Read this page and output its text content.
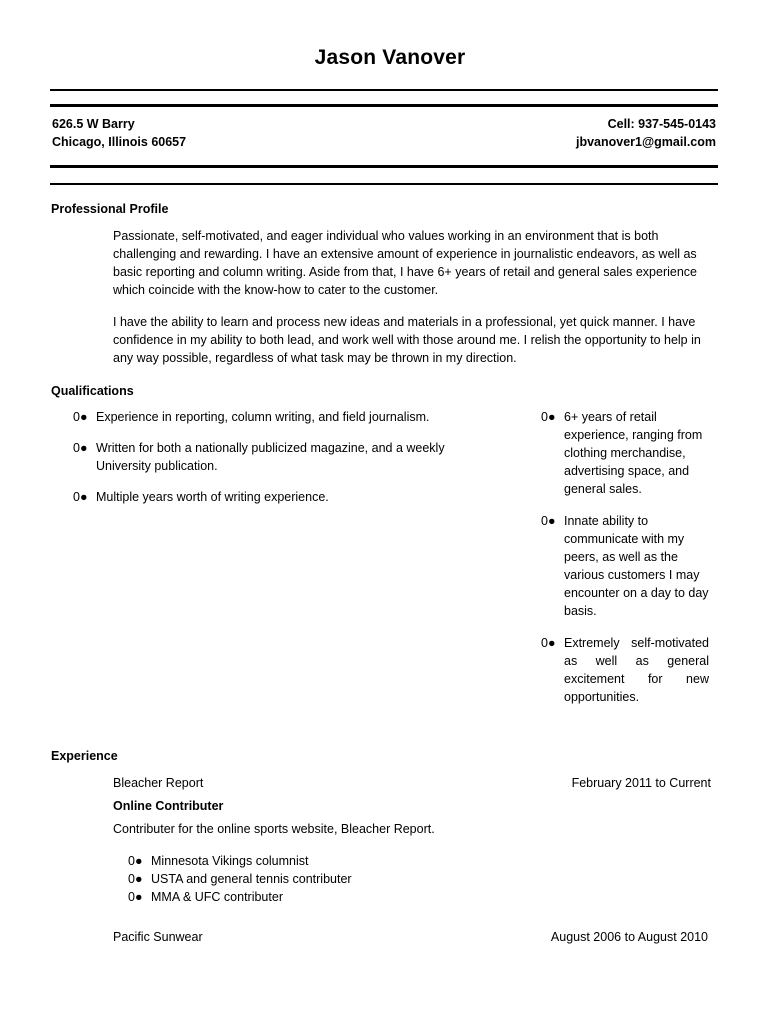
Jason Vanover
626.5 W Barry
Chicago, Illinois 60657
Cell: 937-545-0143
jbvanover1@gmail.com
Professional Profile
Passionate, self-motivated, and eager individual who values working in an environment that is both challenging and rewarding. I have an extensive amount of experience in journalistic endeavors, as well as basic reporting and column writing. Aside from that, I have 6+ years of retail and general sales experience which coincide with the know-how to cater to the customer.
I have the ability to learn and process new ideas and materials in a professional, yet quick manner. I have confidence in my ability to both lead, and work well with those around me. I relish the opportunity to help in any way possible, regardless of what task may be thrown in my direction.
Qualifications
0● Experience in reporting, column writing, and field journalism.
0● Written for both a nationally publicized magazine, and a weekly University publication.
0● Multiple years worth of writing experience.
0● 6+ years of retail experience, ranging from clothing merchandise, advertising space, and general sales.
0● Innate ability to communicate with my peers, as well as the various customers I may encounter on a day to day basis.
0● Extremely self-motivated as well as general excitement for new opportunities.
Experience
Bleacher Report	February 2011 to Current
Online Contributer
Contributer for the online sports website, Bleacher Report.
0● Minnesota Vikings columnist
0● USTA and general tennis contributer
0● MMA & UFC contributer
Pacific Sunwear	August 2006 to August 2010
